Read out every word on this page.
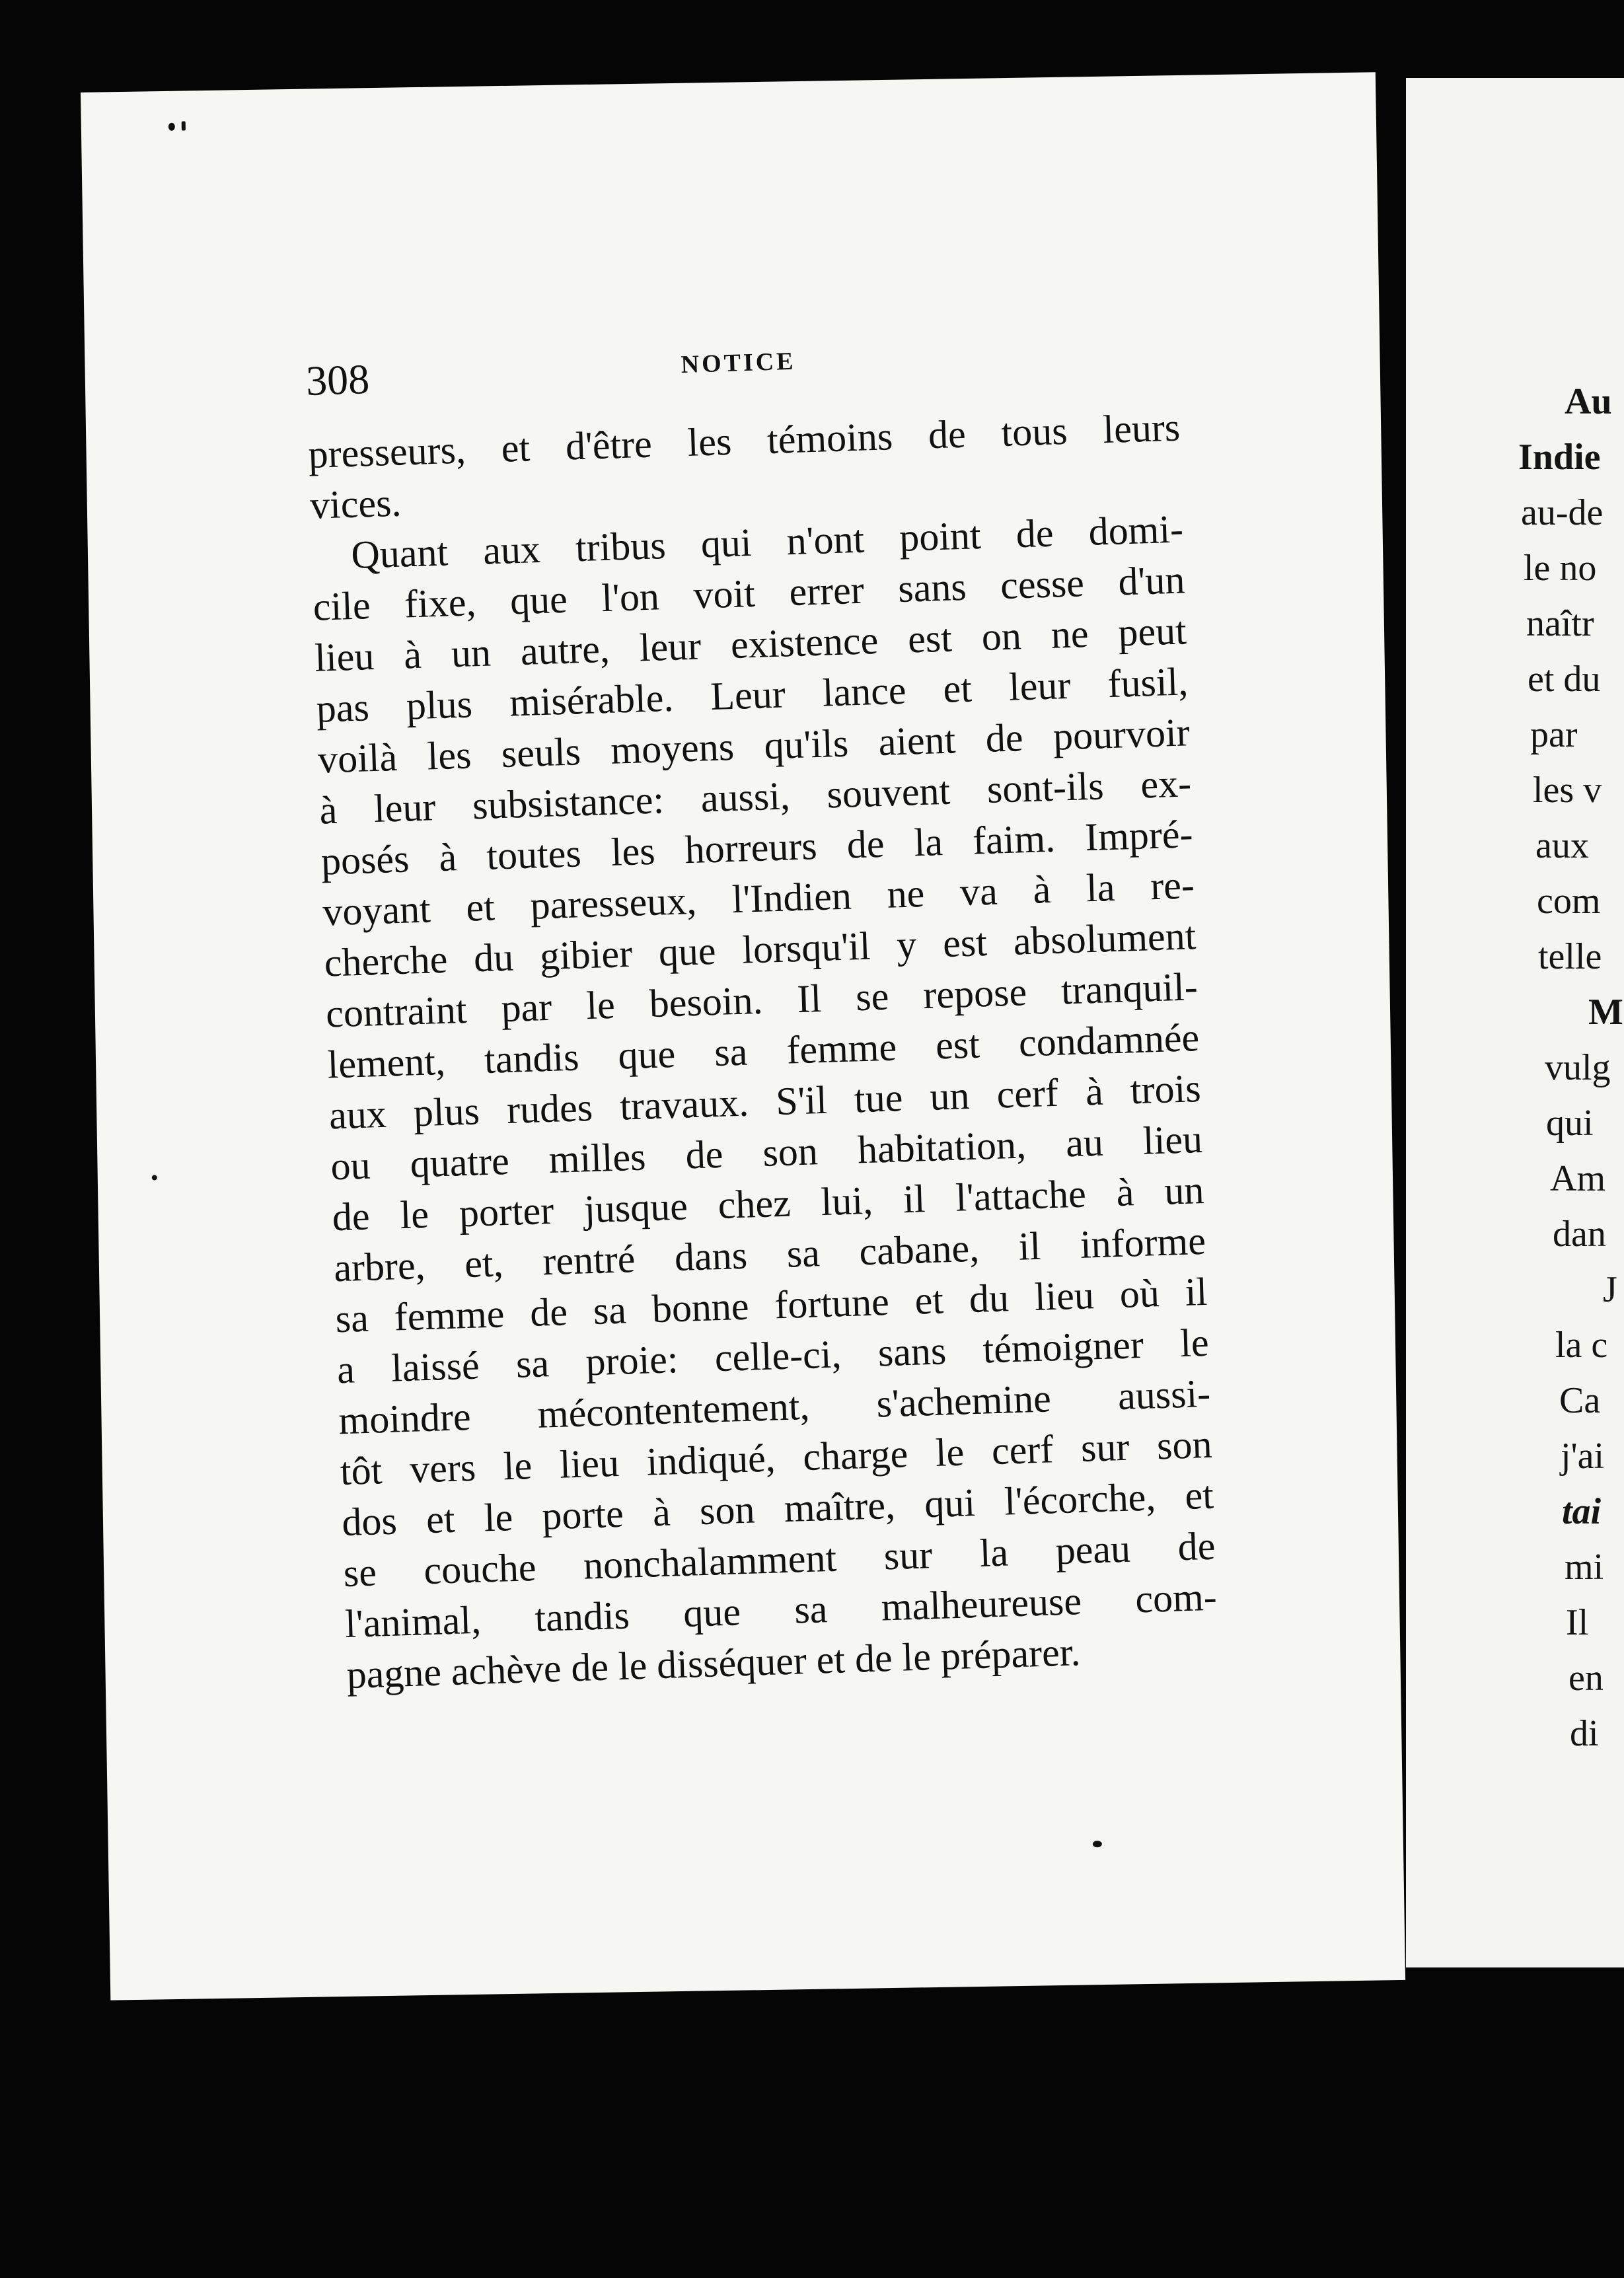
Au
Indie
au-de
le no
naîtr
et du
par
les v
aux
com
telle
M
vulg
qui
Am
dan
J
la c
Ca
j'ai
tai
mi
Il
en
di
308	NOTICE
presseurs, et d'être les témoins de tous leurs
vices.
Quant aux tribus qui n'ont point de domi-
cile fixe, que l'on voit errer sans cesse d'un
lieu à un autre, leur existence est on ne peut
pas plus misérable. Leur lance et leur fusil,
voilà les seuls moyens qu'ils aient de pourvoir
à leur subsistance: aussi, souvent sont-ils ex-
posés à toutes les horreurs de la faim. Impré-
voyant et paresseux, l'Indien ne va à la re-
cherche du gibier que lorsqu'il y est absolument
contraint par le besoin. Il se repose tranquil-
lement, tandis que sa femme est condamnée
aux plus rudes travaux. S'il tue un cerf à trois
ou quatre milles de son habitation, au lieu
de le porter jusque chez lui, il l'attache à un
arbre, et, rentré dans sa cabane, il informe
sa femme de sa bonne fortune et du lieu où il
a laissé sa proie: celle-ci, sans témoigner le
moindre mécontentement, s'achemine aussi-
tôt vers le lieu indiqué, charge le cerf sur son
dos et le porte à son maître, qui l'écorche, et
se couche nonchalamment sur la peau de
l'animal, tandis que sa malheureuse com-
pagne achève de le disséquer et de le préparer.
